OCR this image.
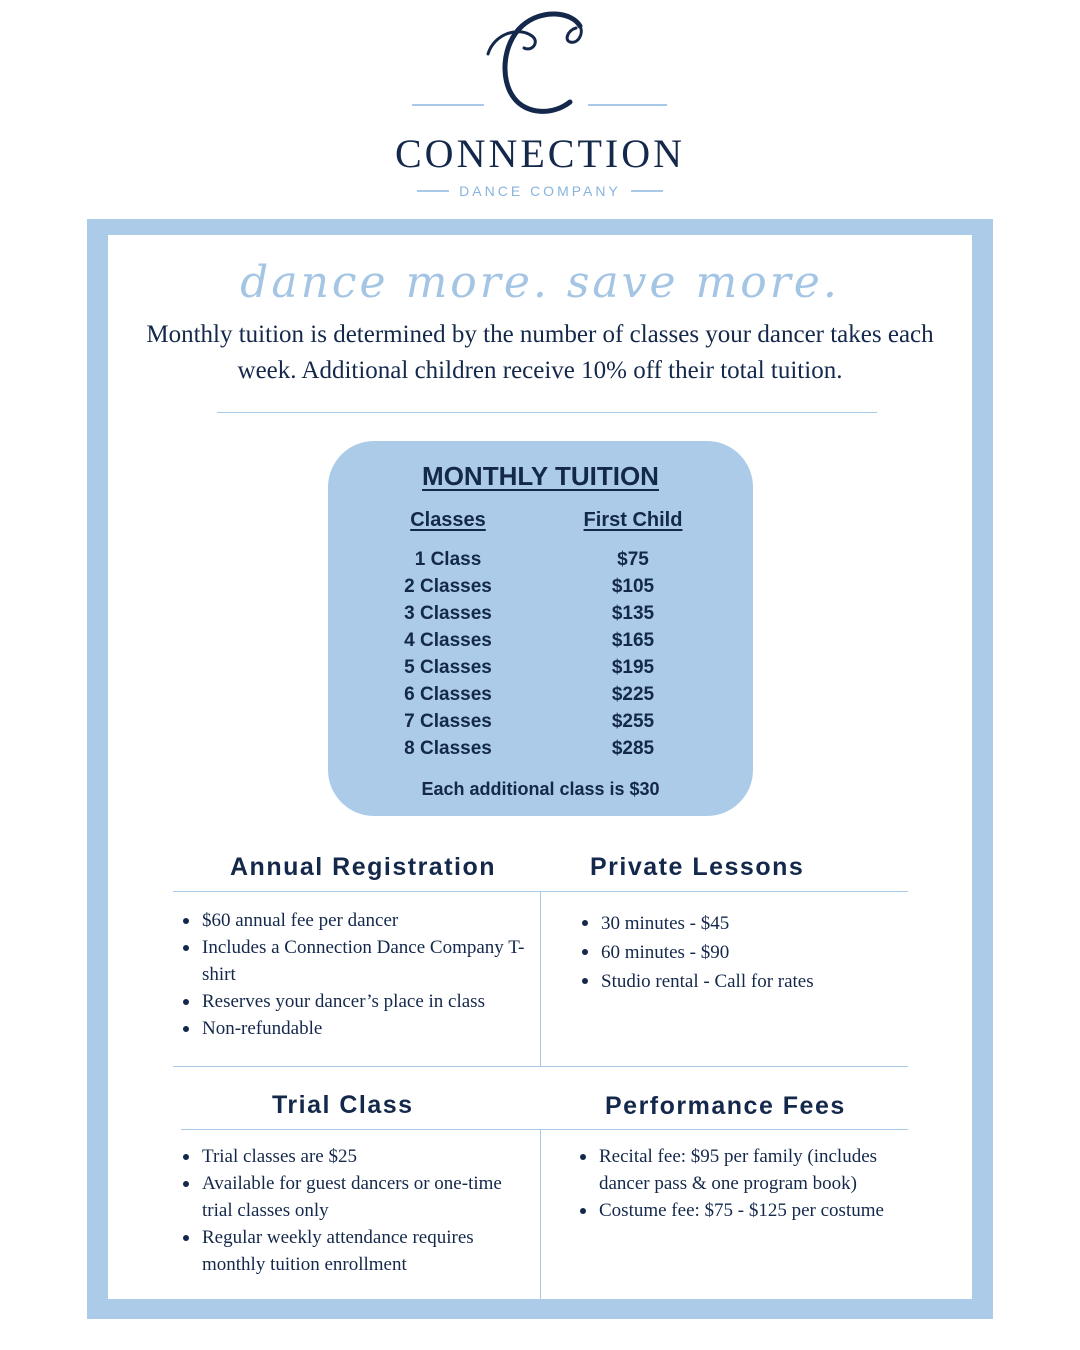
CONNECTION
DANCE COMPANY
dance more. save more.
Monthly tuition is determined by the number of classes your dancer takes each week. Additional children receive 10% off their total tuition.
MONTHLY TUITION
Classes	First Child
1 Class	$75
2 Classes	$105
3 Classes	$135
4 Classes	$165
5 Classes	$195
6 Classes	$225
7 Classes	$255
8 Classes	$285
Each additional class is $30
Annual Registration	Private Lessons
$60 annual fee per dancer
Includes a Connection Dance Company T-shirt
Reserves your dancer’s place in class
Non-refundable
30 minutes - $45
60 minutes - $90
Studio rental - Call for rates
Trial Class	Performance Fees
Trial classes are $25
Available for guest dancers or one-time trial classes only
Regular weekly attendance requires monthly tuition enrollment
Recital fee: $95 per family (includes dancer pass & one program book)
Costume fee: $75 - $125 per costume
